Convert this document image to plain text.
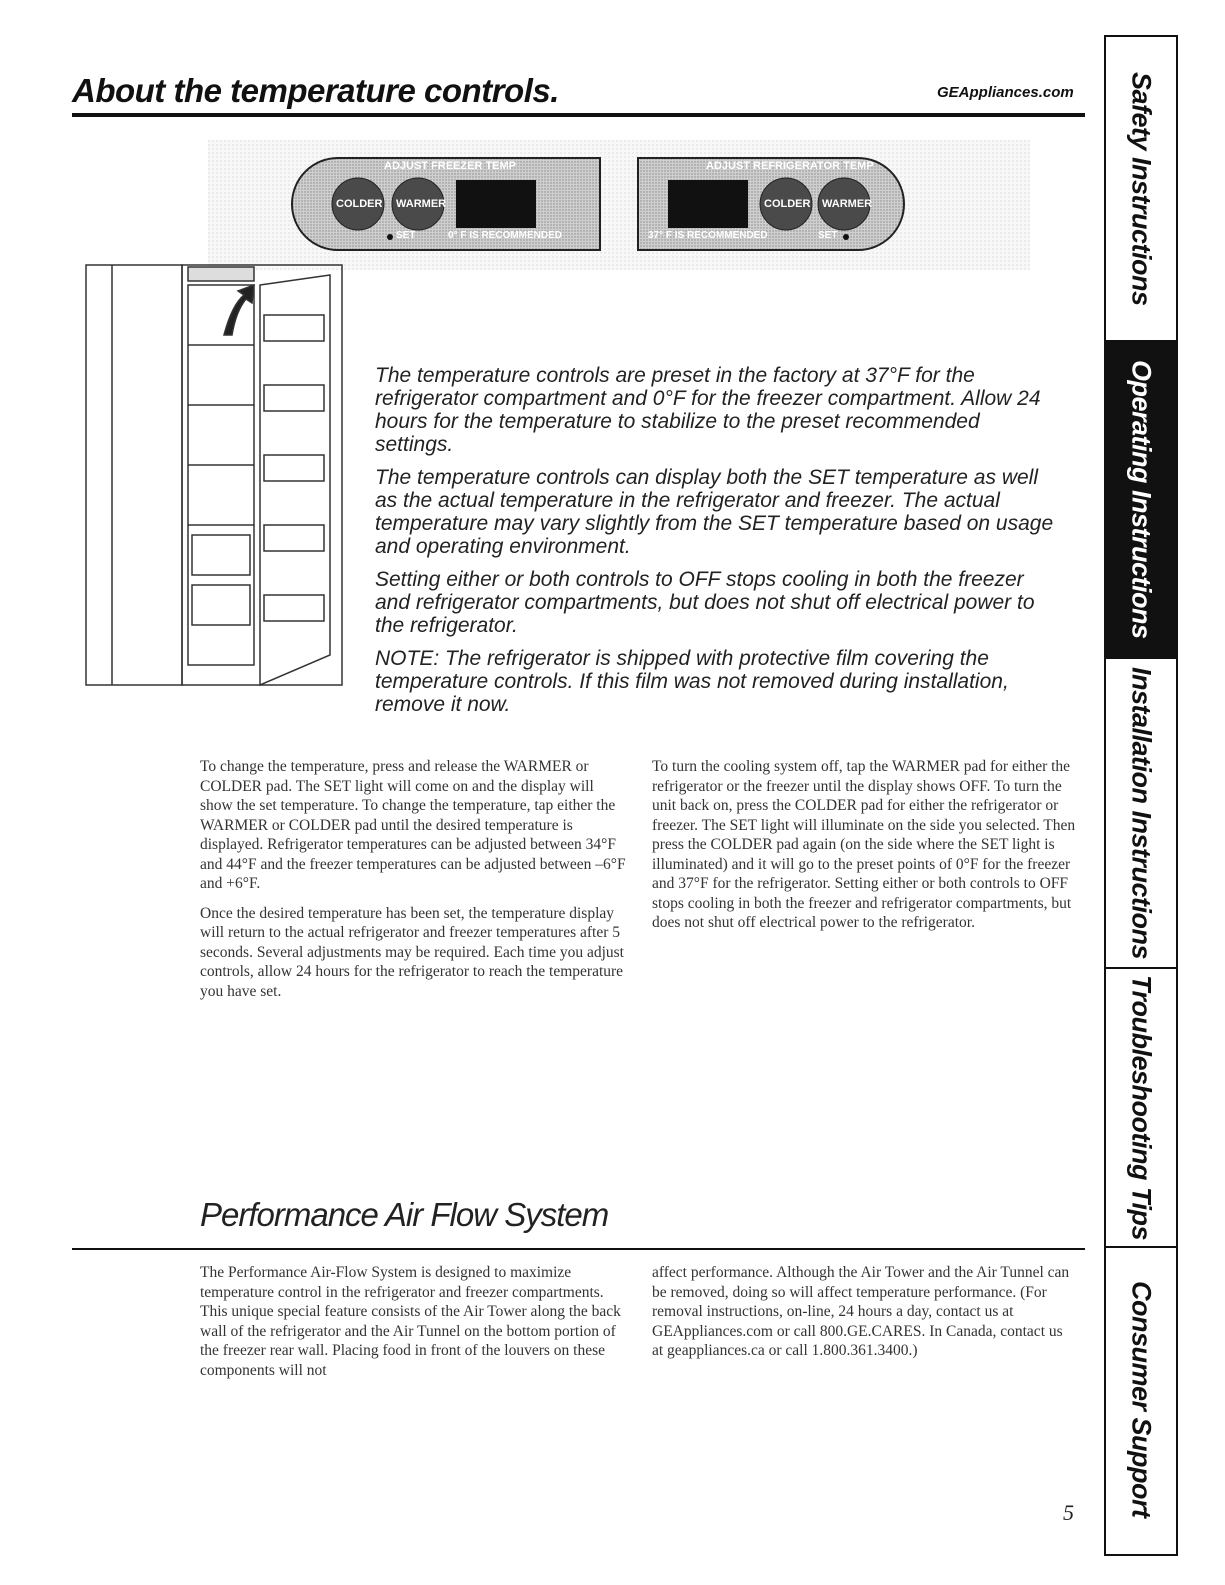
About the temperature controls.	GEAppliances.com
ADJUST FREEZER TEMP	ADJUST REFRIGERATOR TEMP
COLDER WARMER	COLDER WARMER
SET	0° F IS RECOMMENDED	37° F IS RECOMMENDED	SET

The temperature controls are preset in the factory at 37°F for the refrigerator compartment and 0°F for the freezer compartment. Allow 24 hours for the temperature to stabilize to the preset recommended settings.

The temperature controls can display both the SET temperature as well as the actual temperature in the refrigerator and freezer. The actual temperature may vary slightly from the SET temperature based on usage and operating environment.

Setting either or both controls to OFF stops cooling in both the freezer and refrigerator compartments, but does not shut off electrical power to the refrigerator.

NOTE: The refrigerator is shipped with protective film covering the temperature controls. If this film was not removed during installation, remove it now.

To change the temperature, press and release the WARMER or COLDER pad. The SET light will come on and the display will show the set temperature. To change the temperature, tap either the WARMER or COLDER pad until the desired temperature is displayed. Refrigerator temperatures can be adjusted between 34°F and 44°F and the freezer temperatures can be adjusted between –6°F and +6°F.

Once the desired temperature has been set, the temperature display will return to the actual refrigerator and freezer temperatures after 5 seconds. Several adjustments may be required. Each time you adjust controls, allow 24 hours for the refrigerator to reach the temperature you have set.

To turn the cooling system off, tap the WARMER pad for either the refrigerator or the freezer until the display shows OFF. To turn the unit back on, press the COLDER pad for either the refrigerator or freezer. The SET light will illuminate on the side you selected. Then press the COLDER pad again (on the side where the SET light is illuminated) and it will go to the preset points of 0°F for the freezer and 37°F for the refrigerator. Setting either or both controls to OFF stops cooling in both the freezer and refrigerator compartments, but does not shut off electrical power to the refrigerator.

Performance Air Flow System

The Performance Air-Flow System is designed to maximize temperature control in the refrigerator and freezer compartments. This unique special feature consists of the Air Tower along the back wall of the refrigerator and the Air Tunnel on the bottom portion of the freezer rear wall. Placing food in front of the louvers on these components will not

affect performance. Although the Air Tower and the Air Tunnel can be removed, doing so will affect temperature performance. (For removal instructions, on-line, 24 hours a day, contact us at GEAppliances.com or call 800.GE.CARES. In Canada, contact us at geappliances.ca or call 1.800.361.3400.)

5
Safety Instructions
Operating Instructions
Installation Instructions
Troubleshooting Tips
Consumer Support
